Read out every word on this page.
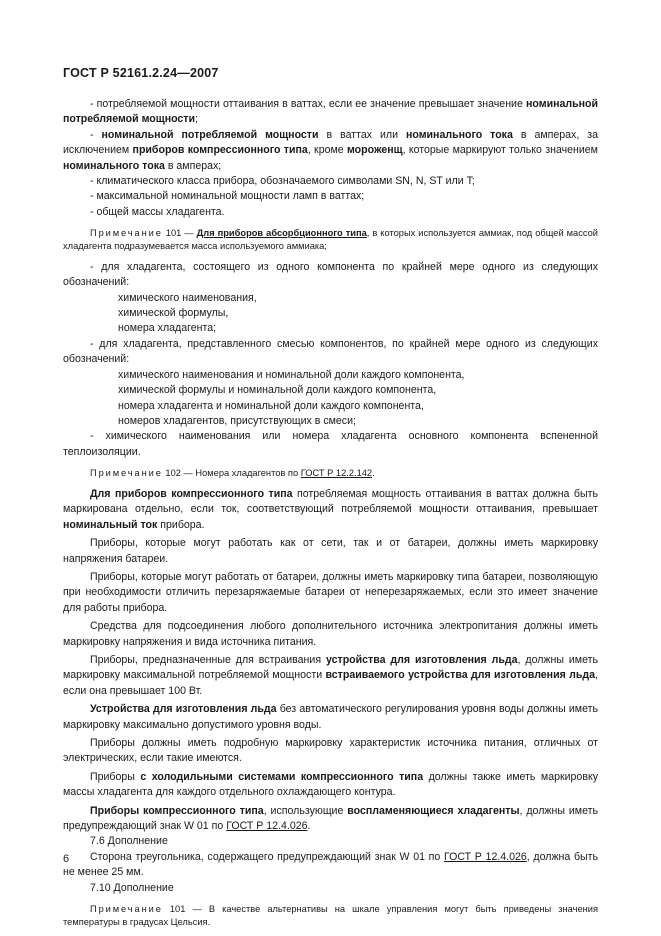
ГОСТ Р 52161.2.24—2007

- потребляемой мощности оттаивания в ваттах, если ее значение превышает значение номинальной потребляемой мощности;

- номинальной потребляемой мощности в ваттах или номинального тока в амперах, за исключением приборов компрессионного типа, кроме мороженщ, которые маркируют только значением номинального тока в амперах;

- климатического класса прибора, обозначаемого символами SN, N, ST или T;

- максимальной номинальной мощности ламп в ваттах;

- общей массы хладагента.

Примечание 101 — Для приборов абсорбционного типа, в которых используется аммиак, под общей массой хладагента подразумевается масса используемого аммиака;

- для хладагента, состоящего из одного компонента по крайней мере одного из следующих обозначений:

химического наименования,

химической формулы,

номера хладагента;

- для хладагента, представленного смесью компонентов, по крайней мере одного из следующих обозначений:

химического наименования и номинальной доли каждого компонента,

химической формулы и номинальной доли каждого компонента,

номера хладагента и номинальной доли каждого компонента,

номеров хладагентов, присутствующих в смеси;

- химического наименования или номера хладагента основного компонента вспененной теплоизоляции.

Примечание 102 — Номера хладагентов по ГОСТ Р 12.2.142.

Для приборов компрессионного типа потребляемая мощность оттаивания в ваттах должна быть маркирована отдельно, если ток, соответствующий потребляемой мощности оттаивания, превышает номинальный ток прибора.

Приборы, которые могут работать как от сети, так и от батареи, должны иметь маркировку напряжения батареи.

Приборы, которые могут работать от батареи, должны иметь маркировку типа батареи, позволяющую при необходимости отличить перезаряжаемые батареи от неперезаряжаемых, если это имеет значение для работы прибора.

Средства для подсоединения любого дополнительного источника электропитания должны иметь маркировку напряжения и вида источника питания.

Приборы, предназначенные для встраивания устройства для изготовления льда, должны иметь маркировку максимальной потребляемой мощности встраиваемого устройства для изготовления льда, если она превышает 100 Вт.

Устройства для изготовления льда без автоматического регулирования уровня воды должны иметь маркировку максимально допустимого уровня воды.

Приборы должны иметь подробную маркировку характеристик источника питания, отличных от электрических, если такие имеются.

Приборы с холодильными системами компрессионного типа должны также иметь маркировку массы хладагента для каждого отдельного охлаждающего контура.

Приборы компрессионного типа, использующие воспламеняющиеся хладагенты, должны иметь предупреждающий знак W 01 по ГОСТ Р 12.4.026.

7.6 Дополнение

Сторона треугольника, содержащего предупреждающий знак W 01 по ГОСТ Р 12.4.026, должна быть не менее 25 мм.

7.10 Дополнение

Примечание 101 — В качестве альтернативы на шкале управления могут быть приведены значения температуры в градусах Цельсия.

6
